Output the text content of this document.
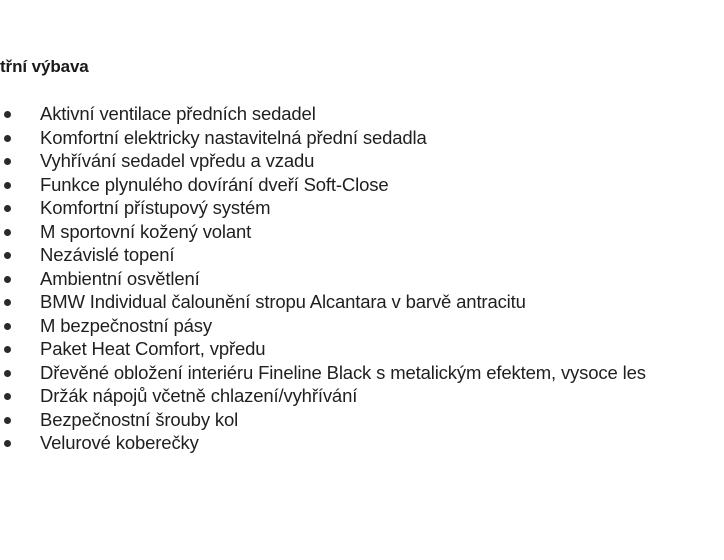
třní výbava
Aktivní ventilace předních sedadel
Komfortní elektricky nastavitelná přední sedadla
Vyhřívání sedadel vpředu a vzadu
Funkce plynulého dovírání dveří Soft-Close
Komfortní přístupový systém
M sportovní kožený volant
Nezávislé topení
Ambientní osvětlení
BMW Individual čalounění stropu Alcantara v barvě antracitu
M bezpečnostní pásy
Paket Heat Comfort, vpředu
Dřevěné obložení interiéru Fineline Black s metalickým efektem, vysoce les
Držák nápojů včetně chlazení/vyhřívání
Bezpečnostní šrouby kol
Velurové koberečky
